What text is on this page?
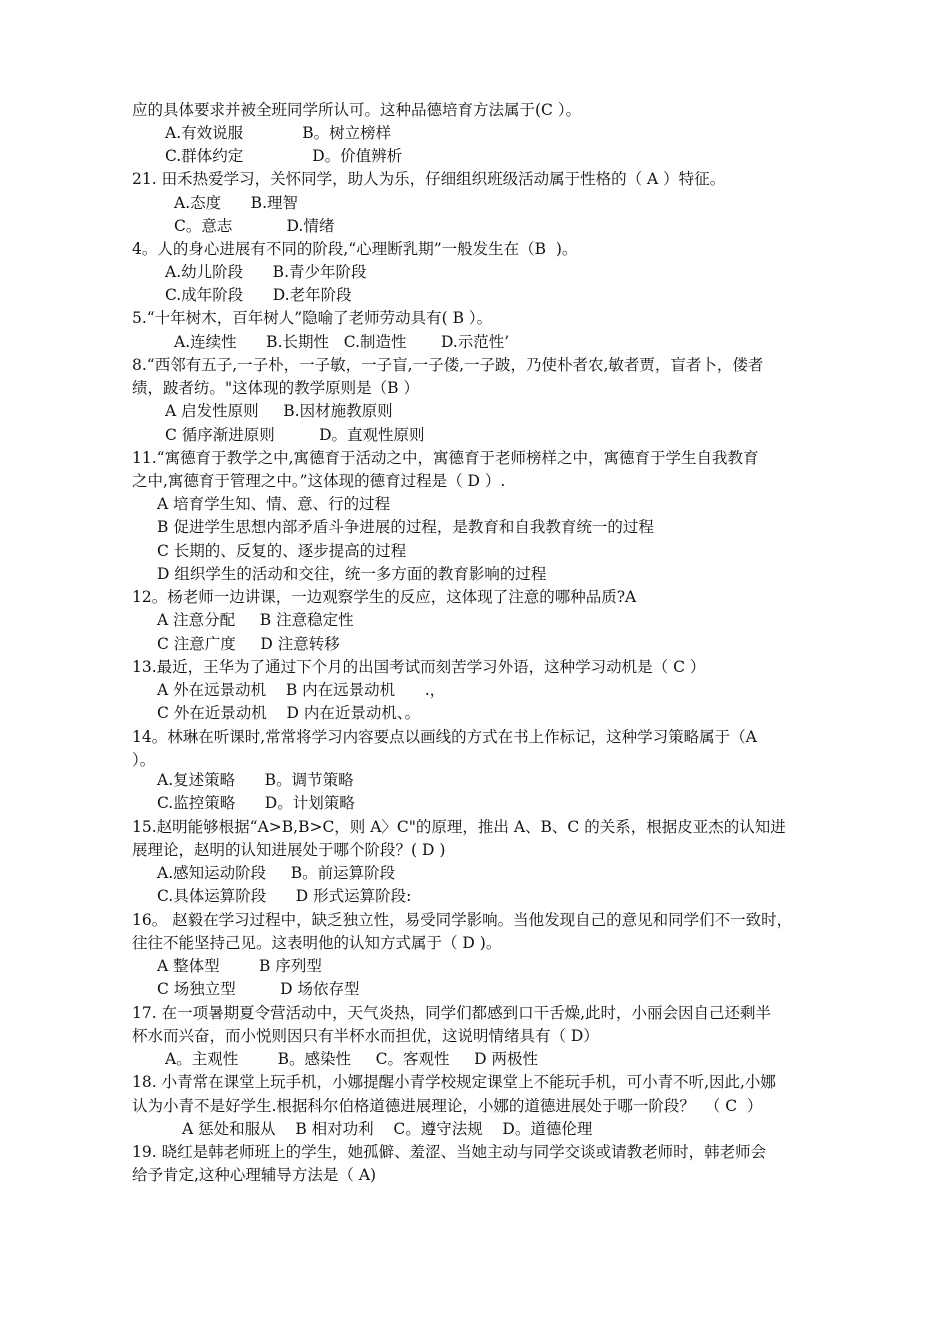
应的具体要求并被全班同学所认可。这种品德培育方法属于(C ）。
A.有效说服            B。树立榜样
C.群体约定              D。价值辨析
21. 田禾热爱学习，关怀同学，助人为乐，仔细组织班级活动属于性格的（ A ）特征。
A.态度      B.理智
C。意志           D.情绪
4。人的身心进展有不同的阶段,“心理断乳期”一般发生在（B  )。
A.幼儿阶段      B.青少年阶段
C.成年阶段      D.老年阶段
5.“十年树木，百年树人”隐喻了老师劳动具有( B ）。
A.连续性      B.长期性   C.制造性       D.示范性’
8.“西邻有五子,一子朴，一子敏，一子盲,一子偻,一子跛，乃使朴者农,敏者贾，盲者卜，偻者
绩，跛者纺。"这体现的教学原则是（B ）
A 启发性原则     B.因材施教原则
C 循序渐进原则         D。直观性原则
11.“寓德育于教学之中,寓德育于活动之中，寓德育于老师榜样之中，寓德育于学生自我教育
之中,寓德育于管理之中。”这体现的德育过程是（ D ）.
A 培育学生知、情、意、行的过程
B 促进学生思想内部矛盾斗争进展的过程，是教育和自我教育统一的过程
C 长期的、反复的、逐步提高的过程
D 组织学生的活动和交往，统一多方面的教育影响的过程
12。杨老师一边讲课，一边观察学生的反应，这体现了注意的哪种品质?A
A 注意分配     B 注意稳定性
C 注意广度     D 注意转移
13.最近，王华为了通过下个月的出国考试而刻苦学习外语，这种学习动机是（ C ）
A 外在远景动机    B 内在远景动机      .，
C 外在近景动机    D 内在近景动机、。
14。林琳在听课时,常常将学习内容要点以画线的方式在书上作标记，这种学习策略属于（A
）。
A.复述策略      B。调节策略
C.监控策略      D。计划策略
15.赵明能够根据“A>B,B>C，则 A〉C"的原理，推出 A、B、C 的关系，根据皮亚杰的认知进
展理论，赵明的认知进展处于哪个阶段？( D )
A.感知运动阶段     B。前运算阶段
C.具体运算阶段      D 形式运算阶段:
16。 赵毅在学习过程中，缺乏独立性，易受同学影响。当他发现自己的意见和同学们不一致时，
往往不能坚持己见。这表明他的认知方式属于（ D )。
A 整体型        B 序列型
C 场独立型         D 场依存型
17. 在一项暑期夏令营活动中，天气炎热，同学们都感到口干舌燥,此时，小丽会因自己还剩半
杯水而兴奋，而小悦则因只有半杯水而担优，这说明情绪具有（ D）
A。主观性        B。感染性     C。客观性     D 两极性
18. 小青常在课堂上玩手机，小娜提醒小青学校规定课堂上不能玩手机，可小青不听,因此,小娜
认为小青不是好学生.根据科尔伯格道德进展理论，小娜的道德进展处于哪一阶段？  （ C  ）
A 惩处和服从    B 相对功利    C。遵守法规    D。道德伦理
19. 晓红是韩老师班上的学生，她孤僻、羞涩、当她主动与同学交谈或请教老师时，韩老师会
给予肯定,这种心理辅导方法是（ A)
